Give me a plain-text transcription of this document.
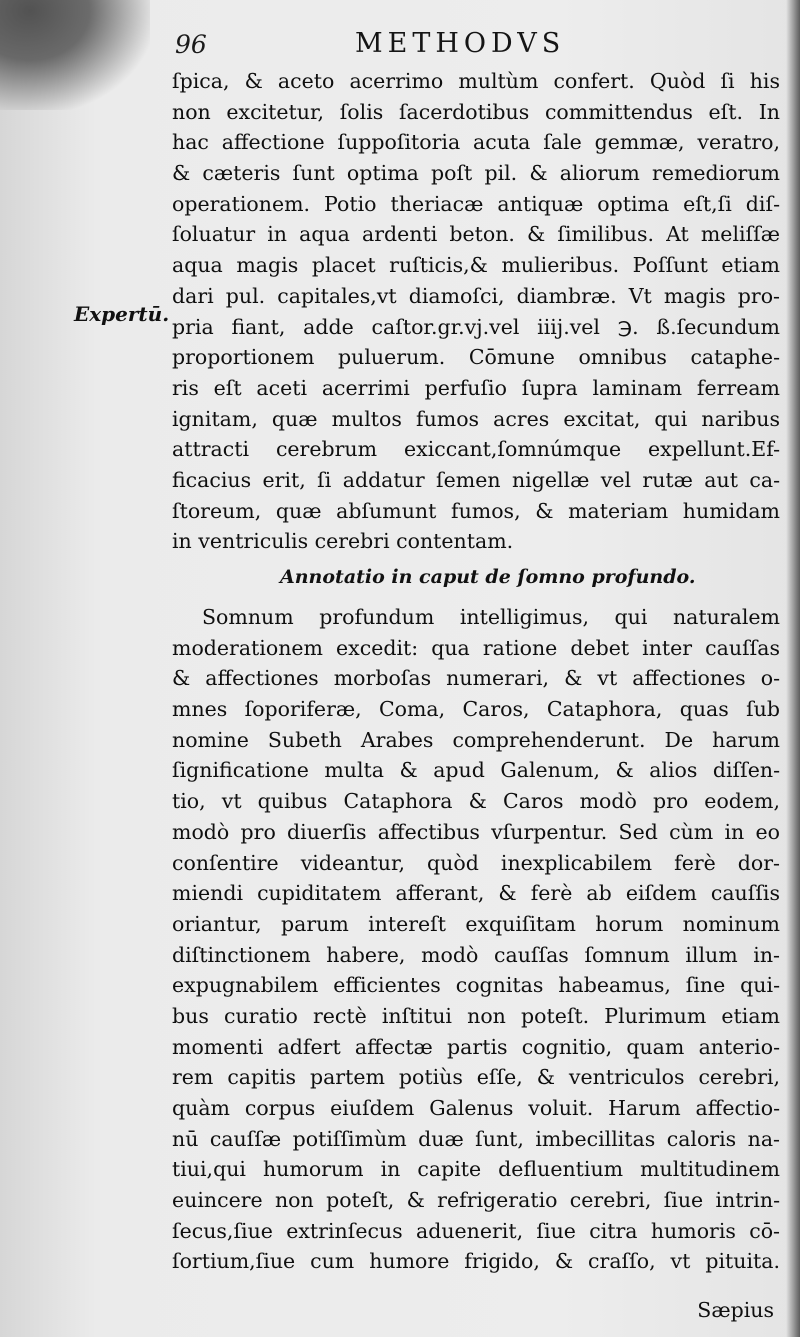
96	METHODVS
Expertū.
ſpica, & aceto acerrimo multùm confert. Quòd ſi his
non excitetur, ſolis ſacerdotibus committendus eſt. In
hac affectione ſuppoſitoria acuta ſale gemmæ, veratro,
& cæteris ſunt optima poſt pil. & aliorum remediorum
operationem. Potio theriacæ antiquæ optima eſt,ſi diſ-
ſoluatur in aqua ardenti beton. & ſimilibus. At meliſſæ
aqua magis placet ruſticis,& mulieribus. Poſſunt etiam
dari pul. capitales,vt diamoſci, diambræ. Vt magis pro-
pria fiant, adde caſtor.gr.vj.vel iiij.vel ℈. ß.ſecundum
proportionem puluerum. Cōmune omnibus cataphe-
ris eſt aceti acerrimi perfuſio ſupra laminam ferream
ignitam, quæ multos fumos acres excitat, qui naribus
attracti cerebrum exiccant,ſomnúmque expellunt.Ef-
ficacius erit, ſi addatur ſemen nigellæ vel rutæ aut ca-
ſtoreum, quæ abſumunt fumos, & materiam humidam
in ventriculis cerebri contentam.
Annotatio in caput de ſomno profundo.
Somnum profundum intelligimus, qui naturalem
moderationem excedit: qua ratione debet inter cauſſas
& affectiones morboſas numerari, & vt affectiones o-
mnes ſoporiferæ, Coma, Caros, Cataphora, quas ſub
nomine Subeth Arabes comprehenderunt. De harum
ſignificatione multa & apud Galenum, & alios diſſen-
tio, vt quibus Cataphora & Caros modò pro eodem,
modò pro diuerſis affectibus vſurpentur. Sed cùm in eo
conſentire videantur, quòd inexplicabilem ferè dor-
miendi cupiditatem afferant, & ferè ab eiſdem cauſſis
oriantur, parum intereſt exquiſitam horum nominum
diſtinctionem habere, modò cauſſas ſomnum illum in-
expugnabilem efficientes cognitas habeamus, ſine qui-
bus curatio rectè inſtitui non poteſt. Plurimum etiam
momenti adfert affectæ partis cognitio, quam anterio-
rem capitis partem potiùs eſſe, & ventriculos cerebri,
quàm corpus eiuſdem Galenus voluit. Harum affectio-
nū cauſſæ potiſſimùm duæ ſunt, imbecillitas caloris na-
tiui,qui humorum in capite defluentium multitudinem
euincere non poteſt, & refrigeratio cerebri, ſiue intrin-
ſecus,ſiue extrinſecus aduenerit, ſiue citra humoris cō-
ſortium,ſiue cum humore frigido, & craſſo, vt pituita.
Sæpius
